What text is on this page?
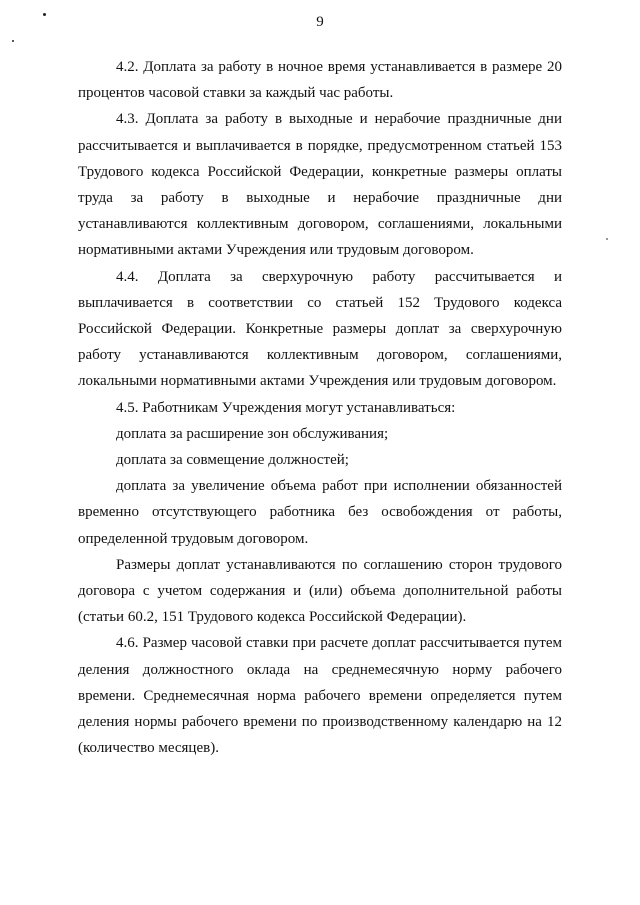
9

4.2. Доплата за работу в ночное время устанавливается в размере 20 процентов часовой ставки за каждый час работы.

4.3. Доплата за работу в выходные и нерабочие праздничные дни рассчитывается и выплачивается в порядке, предусмотренном статьей 153 Трудового кодекса Российской Федерации, конкретные размеры оплаты труда за работу в выходные и нерабочие праздничные дни устанавливаются коллективным договором, соглашениями, локальными нормативными актами Учреждения или трудовым договором.

4.4. Доплата за сверхурочную работу рассчитывается и выплачивается в соответствии со статьей 152 Трудового кодекса Российской Федерации. Конкретные размеры доплат за сверхурочную работу устанавливаются коллективным договором, соглашениями, локальными нормативными актами Учреждения или трудовым договором.

4.5. Работникам Учреждения могут устанавливаться:

доплата за расширение зон обслуживания;

доплата за совмещение должностей;

доплата за увеличение объема работ при исполнении обязанностей временно отсутствующего работника без освобождения от работы, определенной трудовым договором.

Размеры доплат устанавливаются по соглашению сторон трудового договора с учетом содержания и (или) объема дополнительной работы (статьи 60.2, 151 Трудового кодекса Российской Федерации).

4.6. Размер часовой ставки при расчете доплат рассчитывается путем деления должностного оклада на среднемесячную норму рабочего времени. Среднемесячная норма рабочего времени определяется путем деления нормы рабочего времени по производственному календарю на 12 (количество месяцев).
